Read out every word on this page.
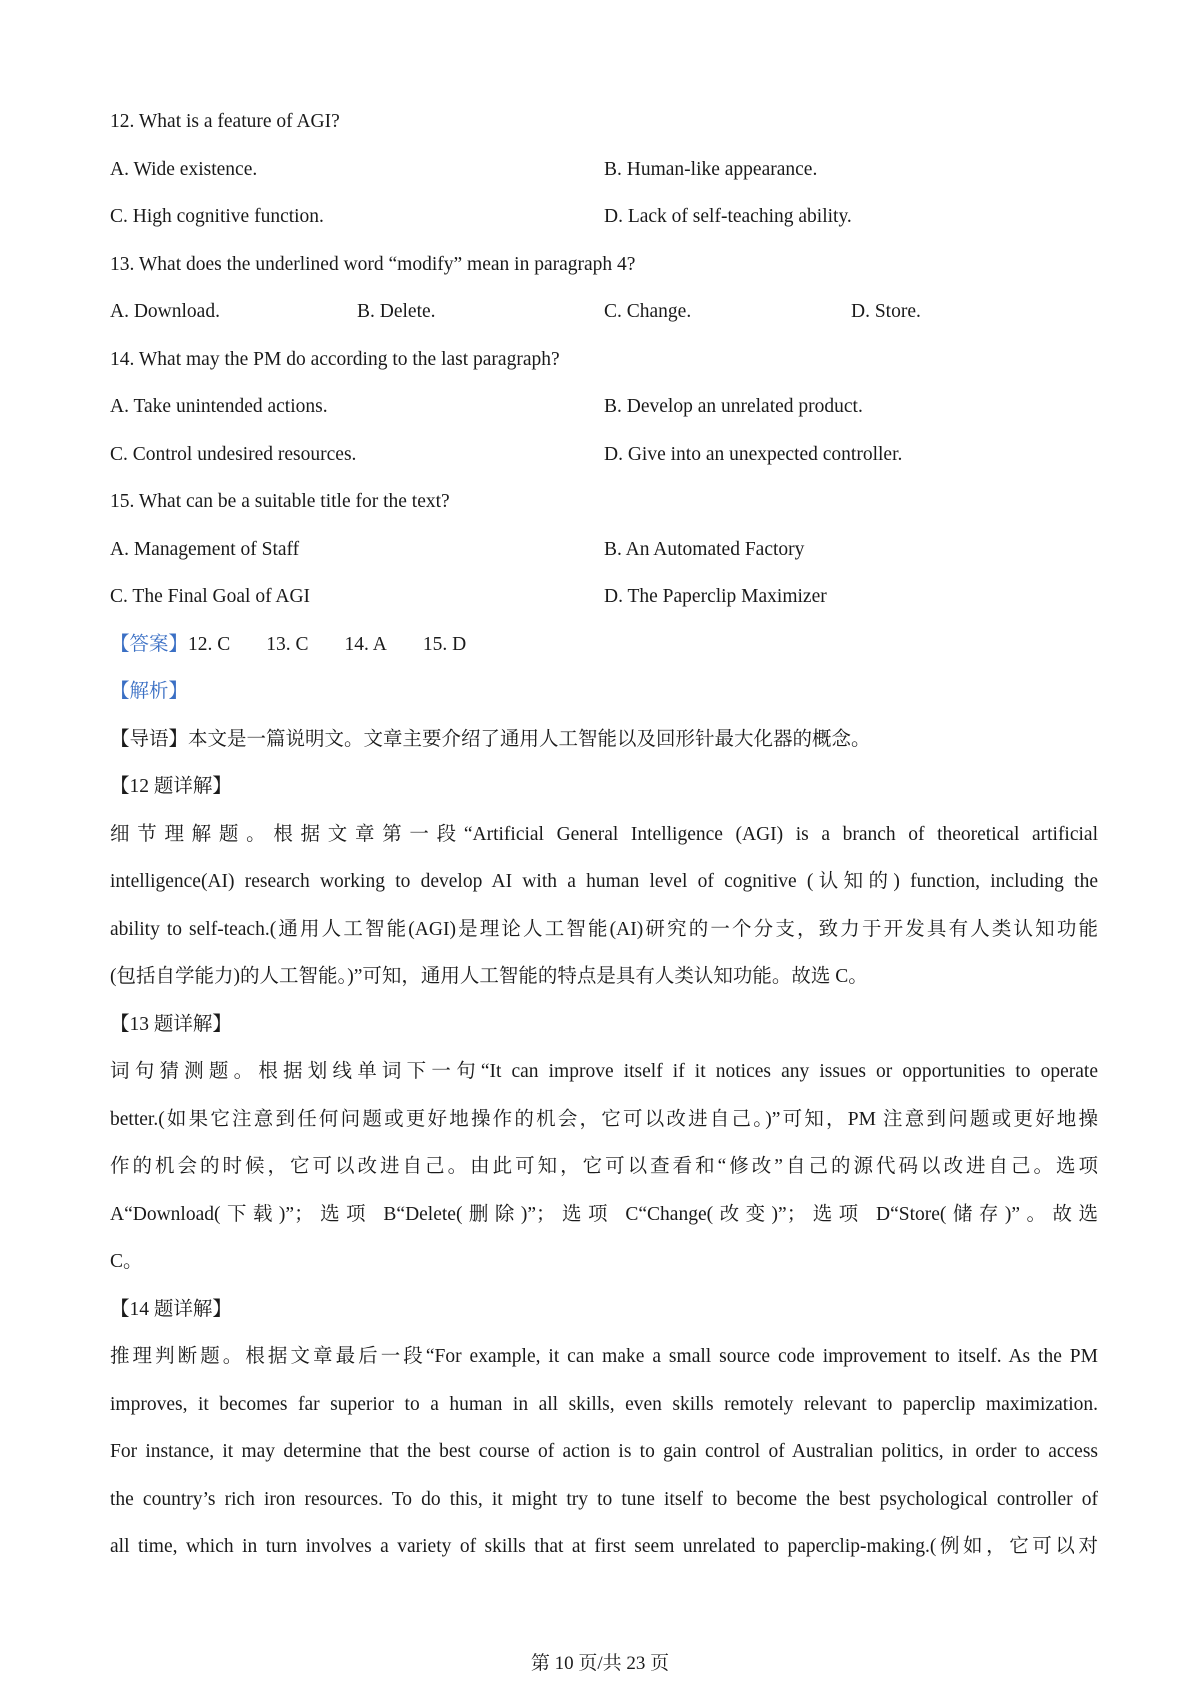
12. What is a feature of AGI?
A. Wide existence.	B. Human-like appearance.
C. High cognitive function.	D. Lack of self-teaching ability.
13. What does the underlined word “modify” mean in paragraph 4?
A. Download.	B. Delete.	C. Change.	D. Store.
14. What may the PM do according to the last paragraph?
A. Take unintended actions.	B. Develop an unrelated product.
C. Control undesired resources.	D. Give into an unexpected controller.
15. What can be a suitable title for the text?
A. Management of Staff	B. An Automated Factory
C. The Final Goal of AGI	D. The Paperclip Maximizer
【答案】12. C 13. C 14. A 15. D
【解析】
【导语】本文是一篇说明文。文章主要介绍了通用人工智能以及回形针最大化器的概念。
【12 题详解】
细节理解题。根据文章第一段“Artificial General Intelligence (AGI) is a branch of theoretical artificial
intelligence(AI) research working to develop AI with a human level of cognitive (认知的) function, including the
ability to self-teach.(通用人工智能(AGI)是理论人工智能(AI)研究的一个分支，致力于开发具有人类认知功能
(包括自学能力)的人工智能。)”可知，通用人工智能的特点是具有人类认知功能。故选 C。
【13 题详解】
词句猜测题。根据划线单词下一句“It can improve itself if it notices any issues or opportunities to operate
better.(如果它注意到任何问题或更好地操作的机会，它可以改进自己。)”可知，PM 注意到问题或更好地操
作的机会的时候，它可以改进自己。由此可知，它可以查看和“修改”自己的源代码以改进自己。选项
A“Download(下载)”；选项 B“Delete(删除)”；选项 C“Change(改变)”；选项 D“Store(储存)”。故选
C。
【14 题详解】
推理判断题。根据文章最后一段“For example, it can make a small source code improvement to itself. As the PM
improves, it becomes far superior to a human in all skills, even skills remotely relevant to paperclip maximization.
For instance, it may determine that the best course of action is to gain control of Australian politics, in order to access
the country’s rich iron resources. To do this, it might try to tune itself to become the best psychological controller of
all time, which in turn involves a variety of skills that at first seem unrelated to paperclip-making.(例如，它可以对
第 10 页/共 23 页
